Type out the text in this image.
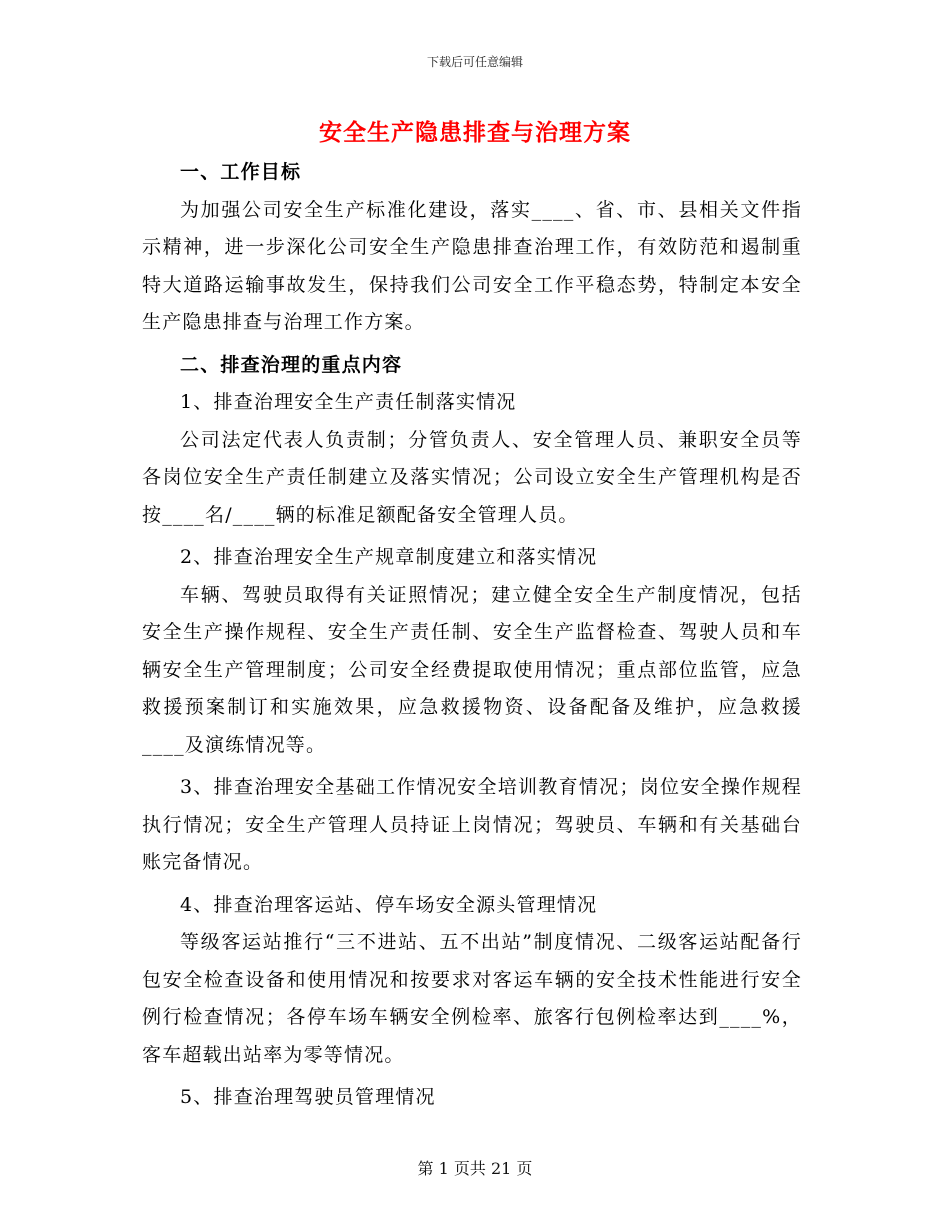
下载后可任意编辑
安全生产隐患排查与治理方案

一、工作目标

为加强公司安全生产标准化建设，落实____、省、市、县相关文件指示精神，进一步深化公司安全生产隐患排查治理工作，有效防范和遏制重特大道路运输事故发生，保持我们公司安全工作平稳态势，特制定本安全生产隐患排查与治理工作方案。

二、排查治理的重点内容

1、排查治理安全生产责任制落实情况

公司法定代表人负责制；分管负责人、安全管理人员、兼职安全员等各岗位安全生产责任制建立及落实情况；公司设立安全生产管理机构是否按____名/____辆的标准足额配备安全管理人员。

2、排查治理安全生产规章制度建立和落实情况

车辆、驾驶员取得有关证照情况；建立健全安全生产制度情况，包括安全生产操作规程、安全生产责任制、安全生产监督检查、驾驶人员和车辆安全生产管理制度；公司安全经费提取使用情况；重点部位监管，应急救援预案制订和实施效果，应急救援物资、设备配备及维护，应急救援____及演练情况等。

3、排查治理安全基础工作情况安全培训教育情况；岗位安全操作规程执行情况；安全生产管理人员持证上岗情况；驾驶员、车辆和有关基础台账完备情况。

4、排查治理客运站、停车场安全源头管理情况

等级客运站推行“三不进站、五不出站”制度情况、二级客运站配备行包安全检查设备和使用情况和按要求对客运车辆的安全技术性能进行安全例行检查情况；各停车场车辆安全例检率、旅客行包例检率达到____%，客车超载出站率为零等情况。

5、排查治理驾驶员管理情况

第 1 页共 21 页
